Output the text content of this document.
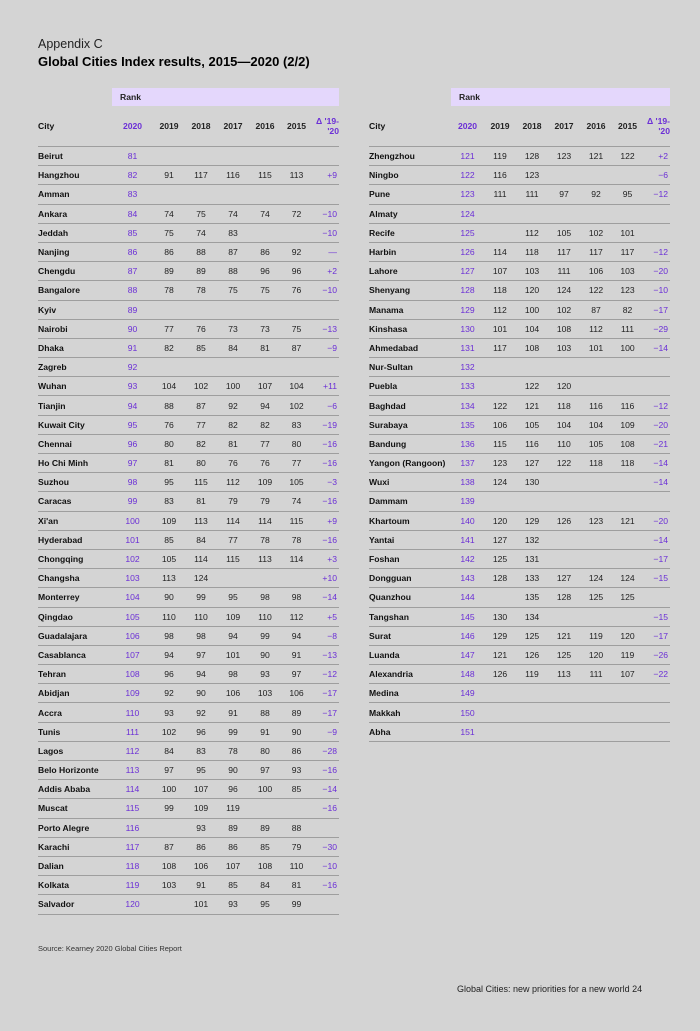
Appendix C
Global Cities Index results, 2015—2020 (2/2)
	Rank						
City	2020	2019	2018	2017	2016	2015	Δ '19-
'20
Beirut	81						
Hangzhou	82	91	117	116	115	113	+9
Amman	83						
Ankara	84	74	75	74	74	72	−10
Jeddah	85	75	74	83			−10
Nanjing	86	86	88	87	86	92	—
Chengdu	87	89	89	88	96	96	+2
Bangalore	88	78	78	75	75	76	−10
Kyiv	89						
Nairobi	90	77	76	73	73	75	−13
Dhaka	91	82	85	84	81	87	−9
Zagreb	92						
Wuhan	93	104	102	100	107	104	+11
Tianjin	94	88	87	92	94	102	−6
Kuwait City	95	76	77	82	82	83	−19
Chennai	96	80	82	81	77	80	−16
Ho Chi Minh	97	81	80	76	76	77	−16
Suzhou	98	95	115	112	109	105	−3
Caracas	99	83	81	79	79	74	−16
Xi'an	100	109	113	114	114	115	+9
Hyderabad	101	85	84	77	78	78	−16
Chongqing	102	105	114	115	113	114	+3
Changsha	103	113	124				+10
Monterrey	104	90	99	95	98	98	−14
Qingdao	105	110	110	109	110	112	+5
Guadalajara	106	98	98	94	99	94	−8
Casablanca	107	94	97	101	90	91	−13
Tehran	108	96	94	98	93	97	−12
Abidjan	109	92	90	106	103	106	−17
Accra	110	93	92	91	88	89	−17
Tunis	111	102	96	99	91	90	−9
Lagos	112	84	83	78	80	86	−28
Belo Horizonte	113	97	95	90	97	93	−16
Addis Ababa	114	100	107	96	100	85	−14
Muscat	115	99	109	119			−16
Porto Alegre	116		93	89	89	88	
Karachi	117	87	86	86	85	79	−30
Dalian	118	108	106	107	108	110	−10
Kolkata	119	103	91	85	84	81	−16
Salvador	120		101	93	95	99	
	Rank						
City	2020	2019	2018	2017	2016	2015	Δ '19-
'20
Zhengzhou	121	119	128	123	121	122	+2
Ningbo	122	116	123				−6
Pune	123	111	111	97	92	95	−12
Almaty	124						
Recife	125		112	105	102	101	
Harbin	126	114	118	117	117	117	−12
Lahore	127	107	103	111	106	103	−20
Shenyang	128	118	120	124	122	123	−10
Manama	129	112	100	102	87	82	−17
Kinshasa	130	101	104	108	112	111	−29
Ahmedabad	131	117	108	103	101	100	−14
Nur-Sultan	132						
Puebla	133		122	120			
Baghdad	134	122	121	118	116	116	−12
Surabaya	135	106	105	104	104	109	−20
Bandung	136	115	116	110	105	108	−21
Yangon (Rangoon)	137	123	127	122	118	118	−14
Wuxi	138	124	130				−14
Dammam	139						
Khartoum	140	120	129	126	123	121	−20
Yantai	141	127	132				−14
Foshan	142	125	131				−17
Dongguan	143	128	133	127	124	124	−15
Quanzhou	144		135	128	125	125	
Tangshan	145	130	134				−15
Surat	146	129	125	121	119	120	−17
Luanda	147	121	126	125	120	119	−26
Alexandria	148	126	119	113	111	107	−22
Medina	149						
Makkah	150						
Abha	151						
Source: Kearney 2020 Global Cities Report
Global Cities: new priorities for a new world 24
